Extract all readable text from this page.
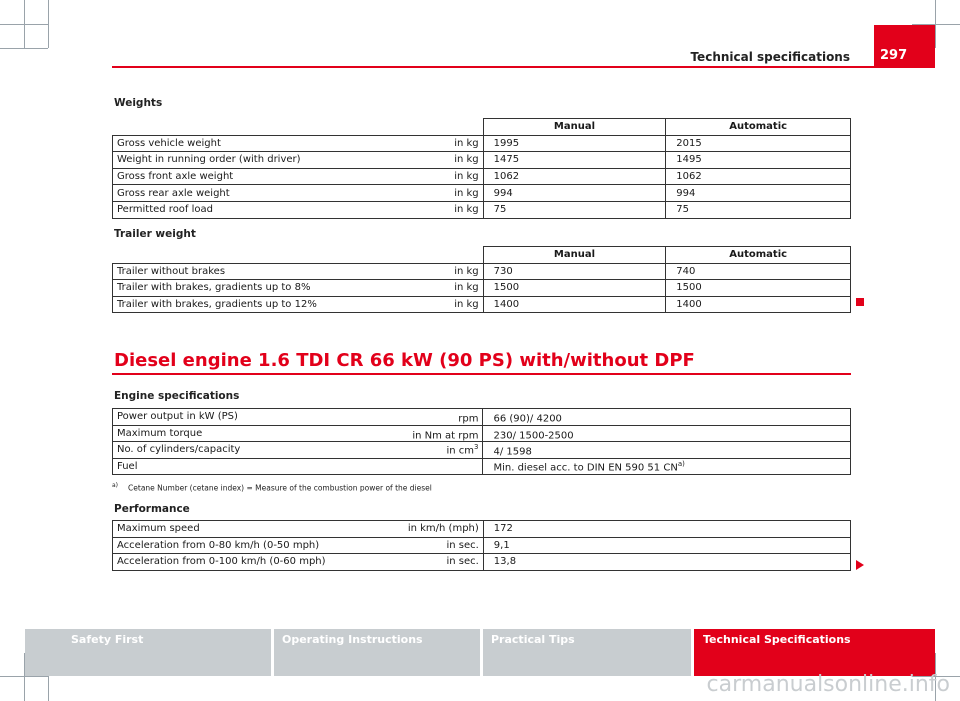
Technical specifications	297
Weights
		Manual	Automatic
Gross vehicle weight	in kg	1995	2015
Weight in running order (with driver)	in kg	1475	1495
Gross front axle weight	in kg	1062	1062
Gross rear axle weight	in kg	994	994
Permitted roof load	in kg	75	75
Trailer weight
		Manual	Automatic
Trailer without brakes	in kg	730	740
Trailer with brakes, gradients up to 8%	in kg	1500	1500
Trailer with brakes, gradients up to 12%	in kg	1400	1400
Diesel engine 1.6 TDI CR 66 kW (90 PS) with/without DPF
Engine specifications
Power output in kW (PS)	rpm	66 (90)/ 4200
Maximum torque	in Nm at rpm	230/ 1500-2500
No. of cylinders/capacity	in $cm^3$	4/ 1598
Fuel		Min. diesel acc. to DIN EN 590 51 CN$^{a)}$
$^{a)}$ Cetane Number (cetane index) = Measure of the combustion power of the diesel
Performance
Maximum speed	in km/h (mph)	172
Acceleration from 0-80 km/h (0-50 mph)	in sec.	9,1
Acceleration from 0-100 km/h (0-60 mph)	in sec.	13,8
Safety First	Operating Instructions	Practical Tips	Technical Specifications
carmanualsonline.info
